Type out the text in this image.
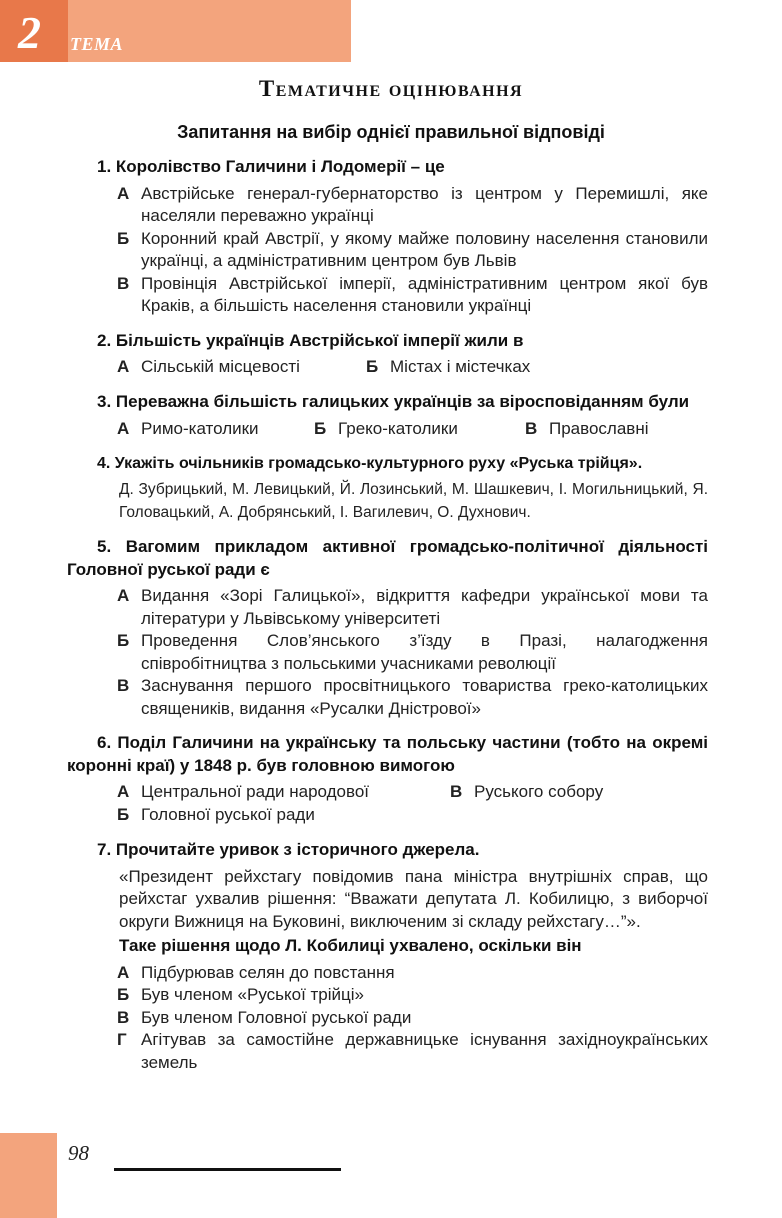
2 ТЕМА
Тематичне оцінювання
Запитання на вибір однієї правильної відповіді

1. Королівство Галичини і Лодомерії – це

А Австрійське генерал-губернаторство із центром у Перемишлі, яке населяли переважно українці
Б Коронний край Австрії, у якому майже половину населення становили українці, а адміністративним центром був Львів
В Провінція Австрійської імперії, адміністративним центром якої був Краків, а більшість населення становили українці

2. Більшість українців Австрійської імперії жили в

А Сільській місцевості	Б Містах і містечках

3. Переважна більшість галицьких українців за віросповіданням були

А Римо-католики	Б Греко-католики	В Православні

4. Укажіть очільників громадсько-культурного руху «Руська трійця».

Д. Зубрицький, М. Левицький, Й. Лозинський, М. Шашкевич, І. Могильницький, Я. Головацький, А. Добрянський, І. Вагилевич, О. Духнович.

5. Вагомим прикладом активної громадсько-політичної діяльності Головної руської ради є

А Видання «Зорі Галицької», відкриття кафедри української мови та літератури у Львівському університеті
Б Проведення Слов’янського з’їзду в Празі, налагодження співробітництва з польськими учасниками революції
В Заснування першого просвітницького товариства греко-католицьких священиків, видання «Русалки Дністрової»

6. Поділ Галичини на українську та польську частини (тобто на окремі коронні краї) у 1848 р. був головною вимогою

А Центральної ради народової	В Руського собору
Б Головної руської ради

7. Прочитайте уривок з історичного джерела.

«Президент рейхстагу повідомив пана міністра внутрішніх справ, що рейхстаг ухвалив рішення: “Вважати депутата Л. Кобилицю, з виборчої округи Вижниця на Буковині, виключеним зі складу рейхстагу…”».
Таке рішення щодо Л. Кобилиці ухвалено, оскільки він
А Підбурював селян до повстання
Б Був членом «Руської трійці»
В Був членом Головної руської ради
Г Агітував за самостійне державницьке існування західноукраїнських земель
98
